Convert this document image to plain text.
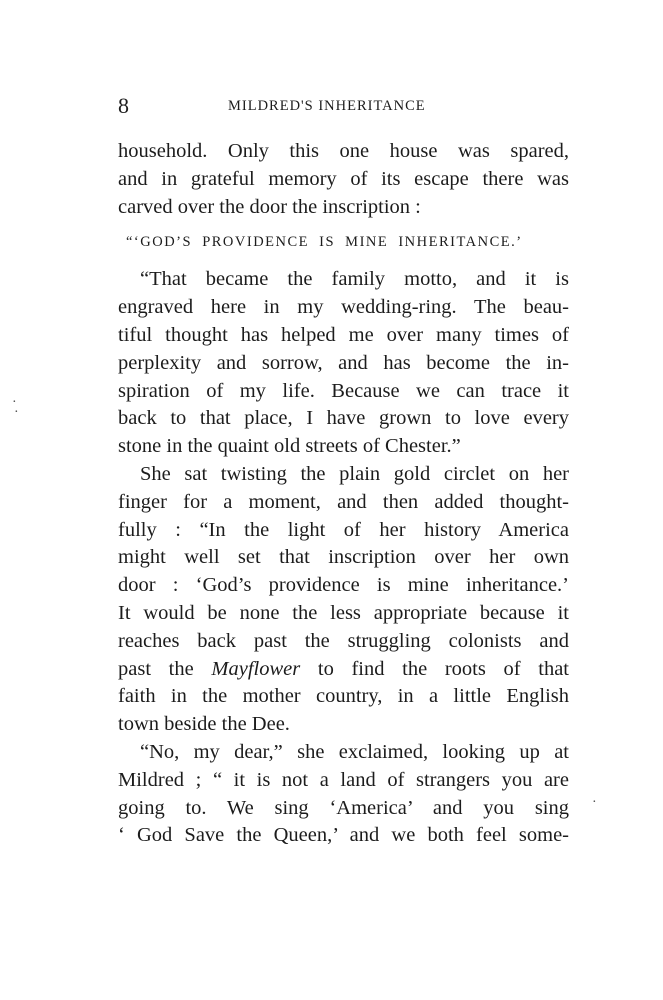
8	MILDRED'S INHERITANCE
household. Only this one house was spared,
and in grateful memory of its escape there was
carved over the door the inscription :
“‘GOD’S PROVIDENCE IS MINE INHERITANCE.’
“That became the family motto, and it is
engraved here in my wedding-ring. The beau-
tiful thought has helped me over many times of
perplexity and sorrow, and has become the in-
spiration of my life. Because we can trace it
back to that place, I have grown to love every
stone in the quaint old streets of Chester.”
She sat twisting the plain gold circlet on her
finger for a moment, and then added thought-
fully : “In the light of her history America
might well set that inscription over her own
door : ‘God’s providence is mine inheritance.’
It would be none the less appropriate because it
reaches back past the struggling colonists and
past the Mayflower to find the roots of that
faith in the mother country, in a little English
town beside the Dee.
“No, my dear,” she exclaimed, looking up at
Mildred ; “ it is not a land of strangers you are
going to. We sing ‘America’ and you sing
‘ God Save the Queen,’ and we both feel some-
·
·
·
